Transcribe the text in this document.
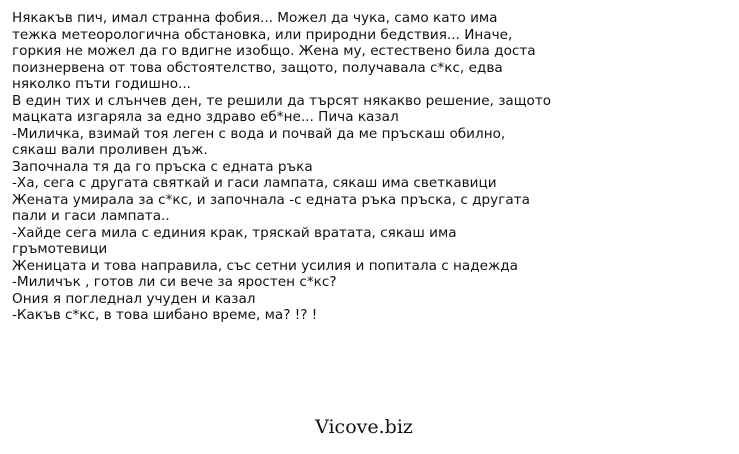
Някакъв пич, имал странна фобия... Можел да чука, само като има
тежка метеорологична обстановка, или природни бедствия... Иначе,
горкия не можел да го вдигне изобщо. Жена му, естествено била доста
поизнервена от това обстоятелство, защото, получавала с*кс, едва
няколко пъти годишно...
В един тих и слънчев ден, те решили да търсят някакво решение, защото
мацката изгаряла за едно здраво еб*не... Пича казал
-Миличка, взимай тоя леген с вода и почвай да ме пръскаш обилно,
сякаш вали проливен дъж.
Започнала тя да го пръска с едната ръка
-Ха, сега с другата святкай и гаси лампата, сякаш има светкавици
Жената умирала за с*кс, и започнала -с едната ръка пръска, с другата
пали и гаси лампата..
-Хайде сега мила с единия крак, тряскай вратата, сякаш има
гръмотевици
Женицата и това направила, със сетни усилия и попитала с надежда
-Миличък , готов ли си вече за яростен с*кс?
Ония я погледнал учуден и казал
-Какъв с*кс, в това шибано време, ма? !? !
Vicove.biz
